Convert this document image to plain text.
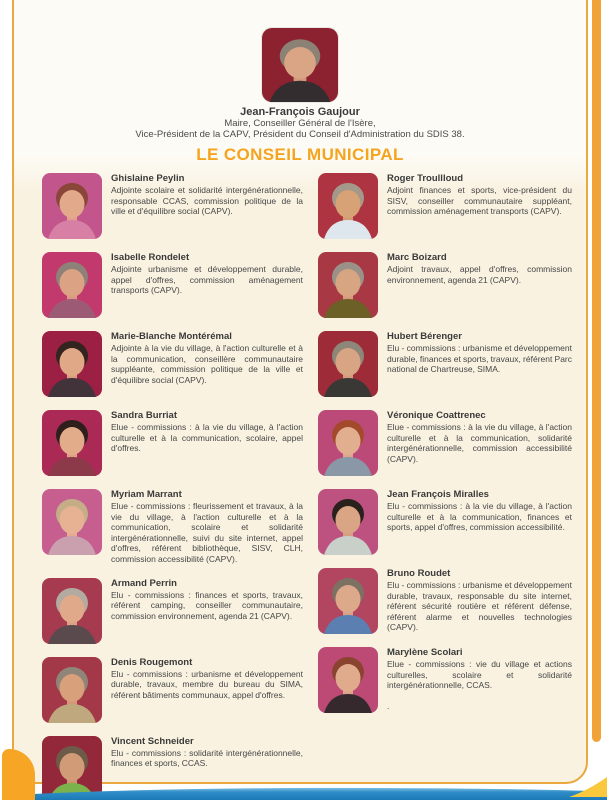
Jean-François Gaujour
Maire, Conseiller Général de l'Isère,
Vice-Président de la CAPV, Président du Conseil d'Administration du SDIS 38.
LE CONSEIL MUNICIPAL
Ghislaine Peylin
Adjointe scolaire et solidarité intergénérationnelle, responsable CCAS, commission politique de la ville et d'équilibre social (CAPV).
Isabelle Rondelet
Adjointe urbanisme et développement durable, appel d'offres, commission aménagement transports (CAPV).
Marie-Blanche Montérémal
Adjointe à la vie du village, à l'action culturelle et à la communication, conseillère communautaire suppléante, commission politique de la ville et d'équilibre social (CAPV).
Sandra Burriat
Elue - commissions : à la vie du village, à l'action culturelle et à la communication, scolaire, appel d'offres.
Myriam Marrant
Elue - commissions : fleurissement et travaux, à la vie du village, à l'action culturelle et à la communication, scolaire et solidarité intergénérationnelle, suivi du site internet, appel d'offres, référent bibliothèque, SISV, CLH, commission accessibilité (CAPV).
Armand Perrin
Elu - commissions : finances et sports, travaux, référent camping, conseiller communautaire, commission environnement, agenda 21 (CAPV).
Denis Rougemont
Elu - commissions : urbanisme et développement durable, travaux, membre du bureau du SIMA, référent bâtiments communaux, appel d'offres.
Vincent Schneider
Elu - commissions : solidarité intergénérationnelle, finances et sports, CCAS.
Roger Troullloud
Adjoint finances et sports, vice-président du SISV, conseiller communautaire suppléant, commission aménagement transports (CAPV).
Marc Boizard
Adjoint travaux, appel d'offres, commission environnement, agenda 21 (CAPV).
Hubert Bérenger
Elu - commissions : urbanisme et développement durable, finances et sports, travaux, référent Parc national de Chartreuse, SIMA.
Véronique Coattrenec
Elue - commissions : à la vie du village, à l'action culturelle et à la communication, solidarité intergénérationnelle, commission accessibilité (CAPV).
Jean François Miralles
Elu - commissions : à la vie du village, à l'action culturelle et à la communication, finances et sports, appel d'offres, commission accessibilité.
Bruno Roudet
Elu - commissions : urbanisme et développement durable, travaux, responsable du site internet, référent sécurité routière et référent défense, référent alarme et nouvelles technologies (CAPV).
Marylène Scolari
Elue - commissions : vie du village et actions culturelles, scolaire et solidarité intergénérationnelle, CCAS.
.
